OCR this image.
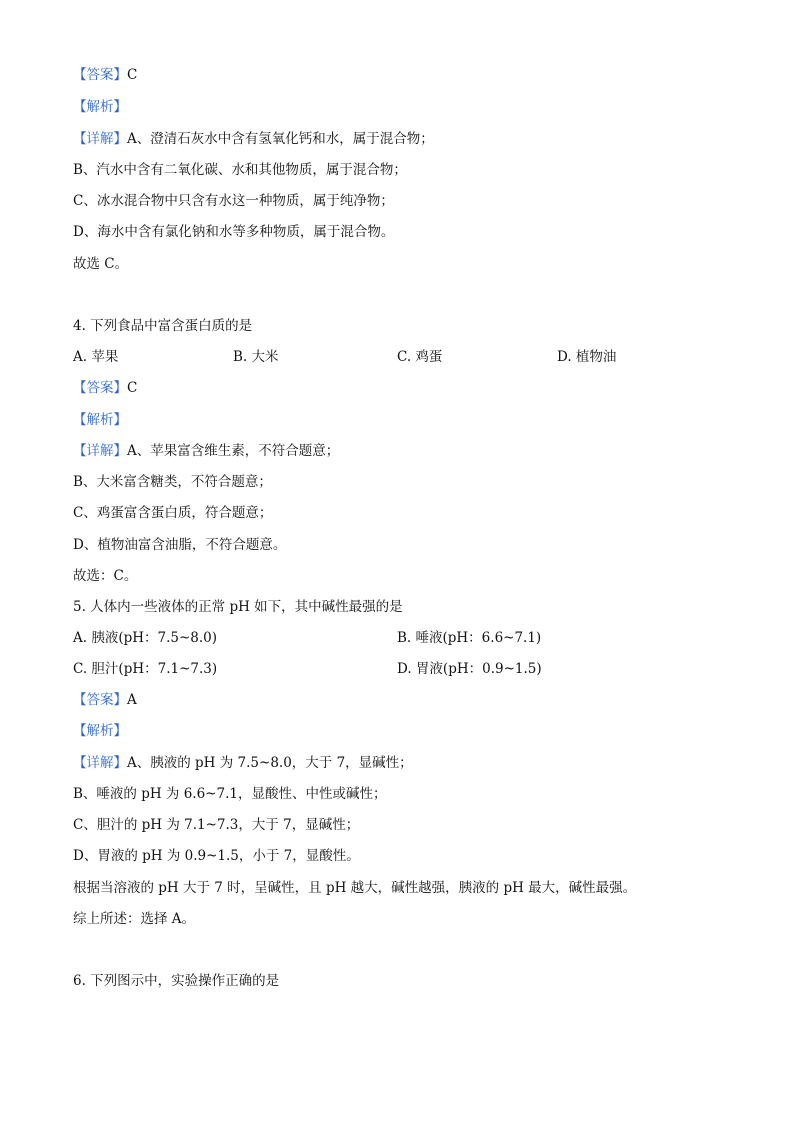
【答案】C
【解析】
【详解】A、澄清石灰水中含有氢氧化钙和水，属于混合物；
B、汽水中含有二氧化碳、水和其他物质，属于混合物；
C、冰水混合物中只含有水这一种物质，属于纯净物；
D、海水中含有氯化钠和水等多种物质，属于混合物。
故选 C。
4. 下列食品中富含蛋白质的是
A. 苹果	B. 大米	C. 鸡蛋	D. 植物油
【答案】C
【解析】
【详解】A、苹果富含维生素，不符合题意；
B、大米富含糖类，不符合题意；
C、鸡蛋富含蛋白质，符合题意；
D、植物油富含油脂，不符合题意。
故选：C。
5. 人体内一些液体的正常 pH 如下，其中碱性最强的是
A. 胰液(pH：7.5~8.0)	B. 唾液(pH：6.6~7.1)
C. 胆汁(pH：7.1~7.3)	D. 胃液(pH：0.9~1.5)
【答案】A
【解析】
【详解】A、胰液的 pH 为 7.5~8.0，大于 7，显碱性；
B、唾液的 pH 为 6.6~7.1，显酸性、中性或碱性；
C、胆汁的 pH 为 7.1~7.3，大于 7，显碱性；
D、胃液的 pH 为 0.9~1.5，小于 7，显酸性。
根据当溶液的 pH 大于 7 时，呈碱性，且 pH 越大，碱性越强，胰液的 pH 最大，碱性最强。
综上所述：选择 A。
6. 下列图示中，实验操作正确的是
